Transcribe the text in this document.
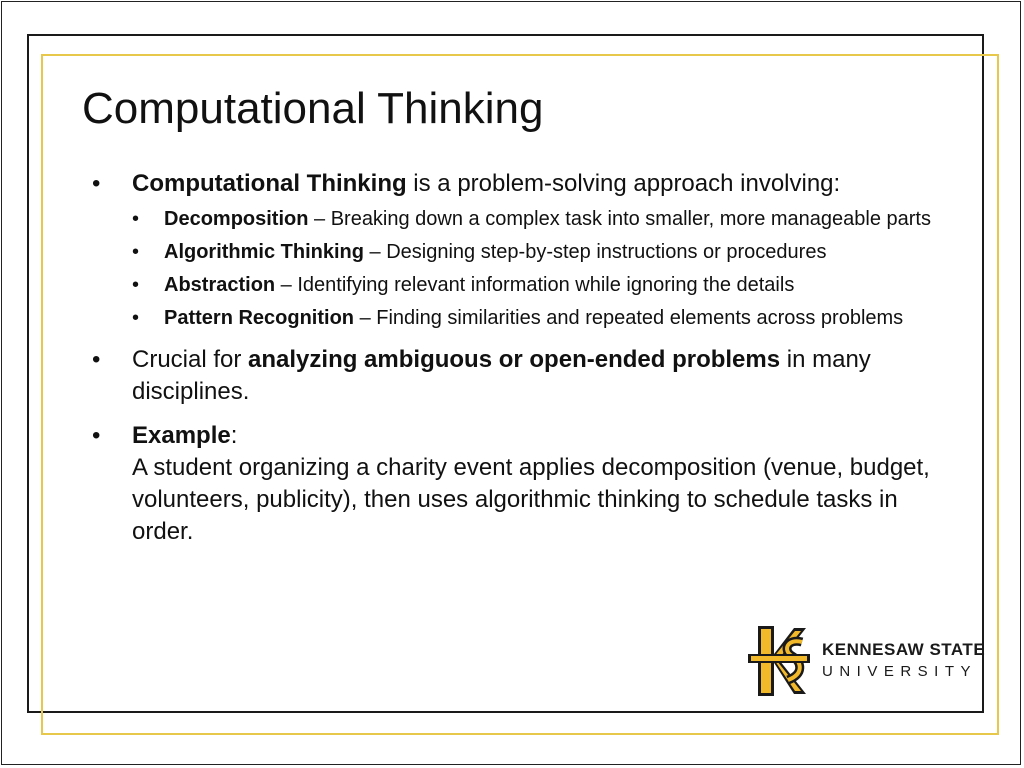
Computational Thinking
• Computational Thinking is a problem-solving approach involving:
• Decomposition – Breaking down a complex task into smaller, more manageable parts
• Algorithmic Thinking – Designing step-by-step instructions or procedures
• Abstraction – Identifying relevant information while ignoring the details
• Pattern Recognition – Finding similarities and repeated elements across problems
• Crucial for analyzing ambiguous or open-ended problems in many disciplines.
• Example:
A student organizing a charity event applies decomposition (venue, budget, volunteers, publicity), then uses algorithmic thinking to schedule tasks in order.
KENNESAW STATE
UNIVERSITY
